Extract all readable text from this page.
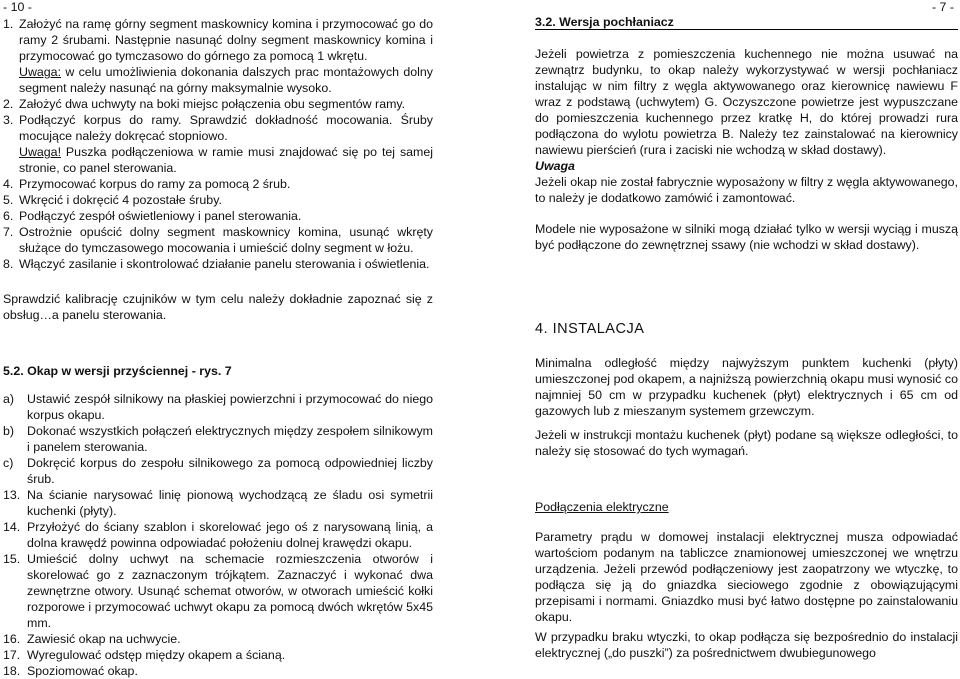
- 10 -	- 7 -
1. Założyć na ramę górny segment maskownicy komina i przymocować go do ramy 2 śrubami. Następnie nasunąć dolny segment maskownicy komina i przymocować go tymczasowo do górnego za pomocą 1 wkrętu.
Uwaga: w celu umożliwienia dokonania dalszych prac montażowych dolny segment należy nasunąć na górny maksymalnie wysoko.
2. Założyć dwa uchwyty na boki miejsc połączenia obu segmentów ramy.
3. Podłączyć korpus do ramy. Sprawdzić dokładność mocowania. Śruby mocujące należy dokręcać stopniowo.
Uwaga! Puszka podłączeniowa w ramie musi znajdować się po tej samej stronie, co panel sterowania.
4. Przymocować korpus do ramy za pomocą 2 śrub.
5. Wkręcić i dokręcić 4 pozostałe śruby.
6. Podłączyć zespół oświetleniowy i panel sterowania.
7. Ostrożnie opuścić dolny segment maskownicy komina, usunąć wkręty służące do tymczasowego mocowania i umieścić dolny segment w łożu.
8. Włączyć zasilanie i skontrolować działanie panelu sterowania i oświetlenia.
Sprawdzić kalibrację czujników w tym celu należy dokładnie zapoznać się z obsług…a panelu sterowania.
5.2. Okap w wersji przyściennej - rys. 7
a)	Ustawić zespół silnikowy na płaskiej powierzchni i przymocować do niego korpus okapu.
b)	Dokonać wszystkich połączeń elektrycznych między zespołem silnikowym i panelem sterowania.
c)	Dokręcić korpus do zespołu silnikowego za pomocą odpowiedniej liczby śrub.
13. Na ścianie narysować linię pionową wychodzącą ze śladu osi symetrii kuchenki (płyty).
14. Przyłożyć do ściany szablon i skorelować jego oś z narysowaną linią, a dolna krawędź powinna odpowiadać położeniu dolnej krawędzi okapu.
15. Umieścić dolny uchwyt na schemacie rozmieszczenia otworów i skorelować go z zaznaczonym trójkątem. Zaznaczyć i wykonać dwa zewnętrzne otwory. Usunąć schemat otworów, w otworach umieścić kołki rozporowe i przymocować uchwyt okapu za pomocą dwóch wkrętów 5x45 mm.
16. Zawiesić okap na uchwycie.
17. Wyregulować odstęp między okapem a ścianą.
18. Spoziomować okap.
3.2. Wersja pochłaniacz
Jeżeli powietrza z pomieszczenia kuchennego nie można usuwać na zewnątrz budynku, to okap należy wykorzystywać w wersji pochłaniacz instalując w nim filtry z węgla aktywowanego oraz kierownicę nawiewu F wraz z podstawą (uchwytem) G. Oczyszczone powietrze jest wypuszczane do pomieszczenia kuchennego przez kratkę H, do której prowadzi rura podłączona do wylotu powietrza B. Należy tez zainstalować na kierownicy nawiewu pierścień (rura i zaciski nie wchodzą w skład dostawy).
Uwaga
Jeżeli okap nie został fabrycznie wyposażony w filtry z węgla aktywowanego, to należy je dodatkowo zamówić i zamontować.
Modele nie wyposażone w silniki mogą działać tylko w wersji wyciąg i muszą być podłączone do zewnętrznej ssawy (nie wchodzi w skład dostawy).
4. INSTALACJA
Minimalna odległość między najwyższym punktem kuchenki (płyty) umieszczonej pod okapem, a najniższą powierzchnią okapu musi wynosić co najmniej 50 cm w przypadku kuchenek (płyt) elektrycznych i 65 cm od gazowych lub z mieszanym systemem grzewczym.
Jeżeli w instrukcji montażu kuchenek (płyt) podane są większe odległości, to należy się stosować do tych wymagań.
Podłączenia elektryczne
Parametry prądu w domowej instalacji elektrycznej musza odpowiadać wartościom podanym na tabliczce znamionowej umieszczonej we wnętrzu urządzenia. Jeżeli przewód podłączeniowy jest zaopatrzony we wtyczkę, to podłącza się ją do gniazdka sieciowego zgodnie z obowiązującymi przepisami i normami. Gniazdko musi być łatwo dostępne po zainstalowaniu okapu.
W przypadku braku wtyczki, to okap podłącza się bezpośrednio do instalacji elektrycznej („do puszki”) za pośrednictwem dwubiegunowego
